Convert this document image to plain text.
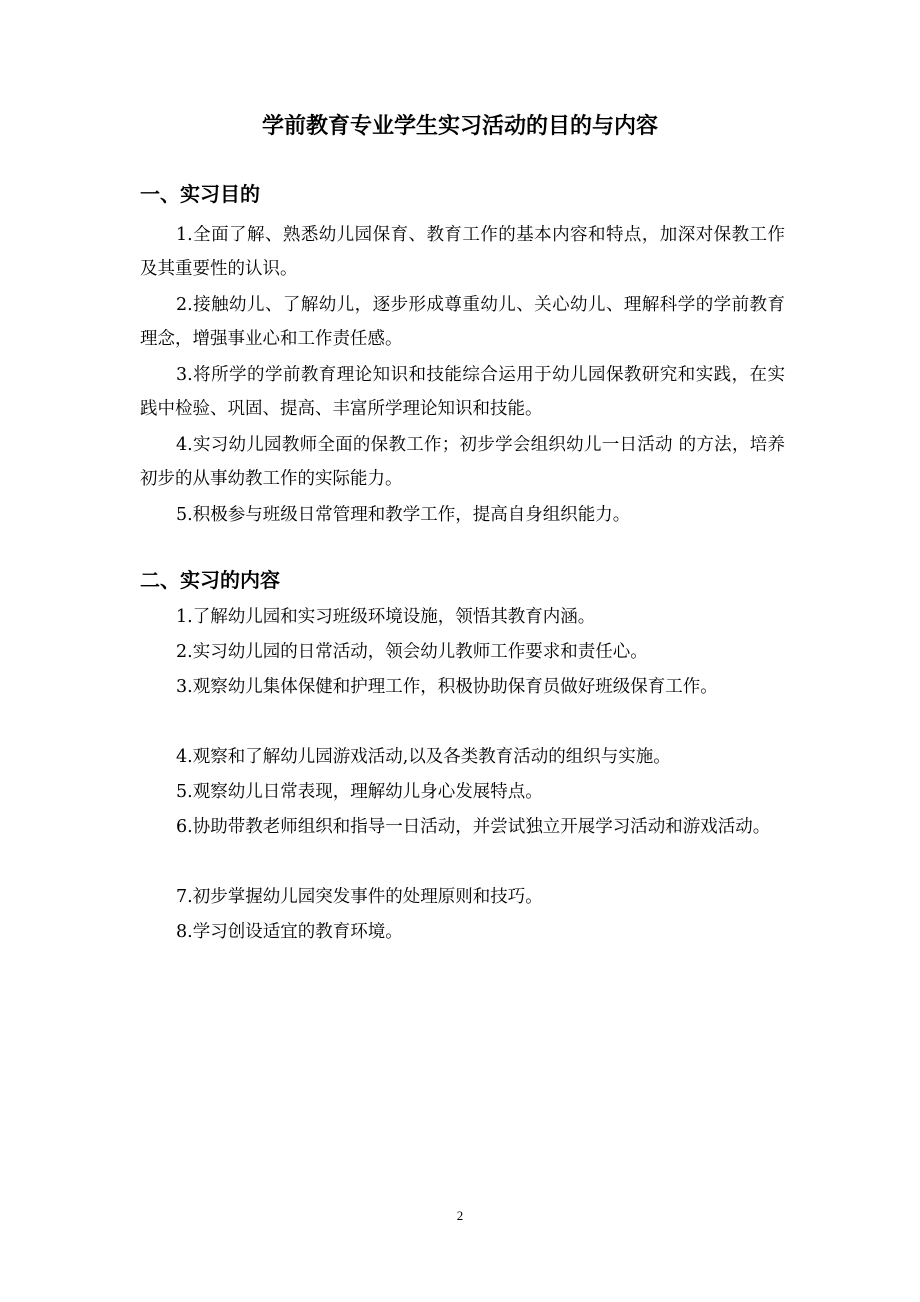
学前教育专业学生实习活动的目的与内容
一、实习目的

1.全面了解、熟悉幼儿园保育、教育工作的基本内容和特点，加深对保教工作及其重要性的认识。

2.接触幼儿、了解幼儿，逐步形成尊重幼儿、关心幼儿、理解科学的学前教育理念，增强事业心和工作责任感。

3.将所学的学前教育理论知识和技能综合运用于幼儿园保教研究和实践，在实践中检验、巩固、提高、丰富所学理论知识和技能。

4.实习幼儿园教师全面的保教工作；初步学会组织幼儿一日活动 的方法，培养初步的从事幼教工作的实际能力。

5.积极参与班级日常管理和教学工作，提高自身组织能力。

二、实习的内容

1.了解幼儿园和实习班级环境设施，领悟其教育内涵。

2.实习幼儿园的日常活动，领会幼儿教师工作要求和责任心。

3.观察幼儿集体保健和护理工作，积极协助保育员做好班级保育工作。

4.观察和了解幼儿园游戏活动,以及各类教育活动的组织与实施。

5.观察幼儿日常表现，理解幼儿身心发展特点。

6.协助带教老师组织和指导一日活动，并尝试独立开展学习活动和游戏活动。

7.初步掌握幼儿园突发事件的处理原则和技巧。

8.学习创设适宜的教育环境。

2
